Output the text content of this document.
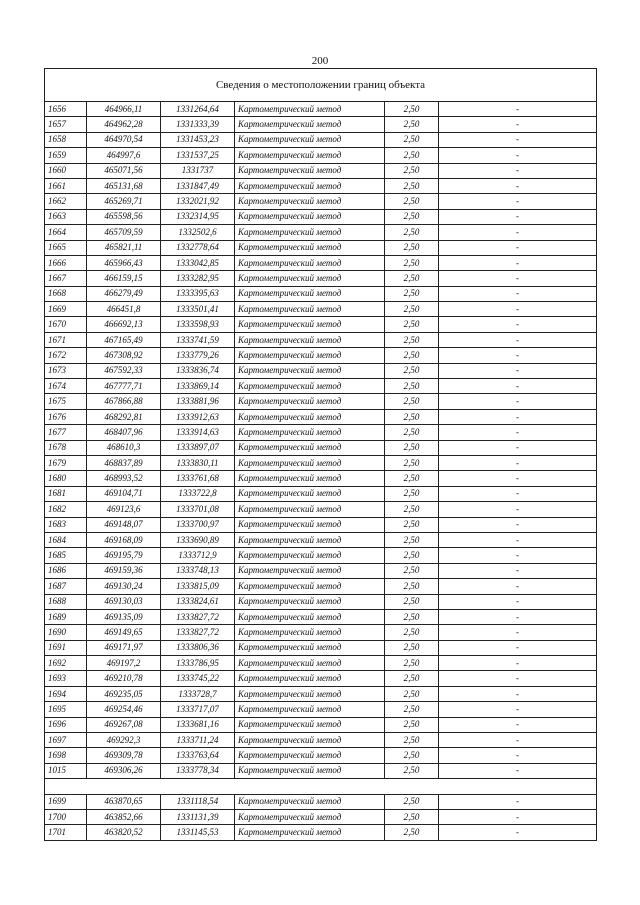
200
Сведения о местоположении границ объекта					
1656	464966,11	1331264,64	Картометрический метод	2,50	-
1657	464962,28	1331333,39	Картометрический метод	2,50	-
1658	464970,54	1331453,23	Картометрический метод	2,50	-
1659	464997,6	1331537,25	Картометрический метод	2,50	-
1660	465071,56	1331737	Картометрический метод	2,50	-
1661	465131,68	1331847,49	Картометрический метод	2,50	-
1662	465269,71	1332021,92	Картометрический метод	2,50	-
1663	465598,56	1332314,95	Картометрический метод	2,50	-
1664	465709,59	1332502,6	Картометрический метод	2,50	-
1665	465821,11	1332778,64	Картометрический метод	2,50	-
1666	465966,43	1333042,85	Картометрический метод	2,50	-
1667	466159,15	1333282,95	Картометрический метод	2,50	-
1668	466279,49	1333395,63	Картометрический метод	2,50	-
1669	466451,8	1333501,41	Картометрический метод	2,50	-
1670	466692,13	1333598,93	Картометрический метод	2,50	-
1671	467165,49	1333741,59	Картометрический метод	2,50	-
1672	467308,92	1333779,26	Картометрический метод	2,50	-
1673	467592,33	1333836,74	Картометрический метод	2,50	-
1674	467777,71	1333869,14	Картометрический метод	2,50	-
1675	467866,88	1333881,96	Картометрический метод	2,50	-
1676	468292,81	1333912,63	Картометрический метод	2,50	-
1677	468407,96	1333914,63	Картометрический метод	2,50	-
1678	468610,3	1333897,07	Картометрический метод	2,50	-
1679	468837,89	1333830,11	Картометрический метод	2,50	-
1680	468993,52	1333761,68	Картометрический метод	2,50	-
1681	469104,71	1333722,8	Картометрический метод	2,50	-
1682	469123,6	1333701,08	Картометрический метод	2,50	-
1683	469148,07	1333700,97	Картометрический метод	2,50	-
1684	469168,09	1333690,89	Картометрический метод	2,50	-
1685	469195,79	1333712,9	Картометрический метод	2,50	-
1686	469159,36	1333748,13	Картометрический метод	2,50	-
1687	469130,24	1333815,09	Картометрический метод	2,50	-
1688	469130,03	1333824,61	Картометрический метод	2,50	-
1689	469135,09	1333827,72	Картометрический метод	2,50	-
1690	469149,65	1333827,72	Картометрический метод	2,50	-
1691	469171,97	1333806,36	Картометрический метод	2,50	-
1692	469197,2	1333786,95	Картометрический метод	2,50	-
1693	469210,78	1333745,22	Картометрический метод	2,50	-
1694	469235,05	1333728,7	Картометрический метод	2,50	-
1695	469254,46	1333717,07	Картометрический метод	2,50	-
1696	469267,08	1333681,16	Картометрический метод	2,50	-
1697	469292,3	1333711,24	Картометрический метод	2,50	-
1698	469309,78	1333763,64	Картометрический метод	2,50	-
1015	469306,26	1333778,34	Картометрический метод	2,50	-

1699	463870,65	1331118,54	Картометрический метод	2,50	-
1700	463852,66	1331131,39	Картометрический метод	2,50	-
1701	463820,52	1331145,53	Картометрический метод	2,50	-
